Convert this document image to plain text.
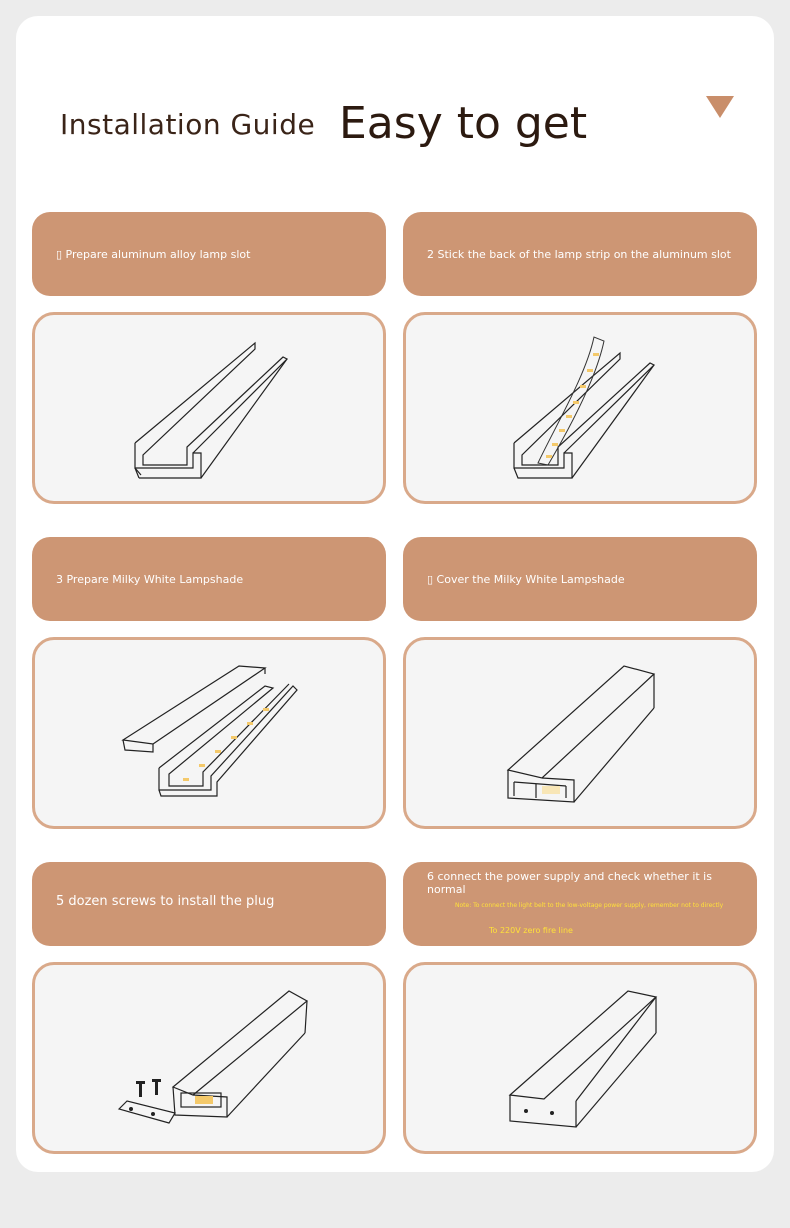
Installation Guide Easy to get
▯ Prepare aluminum alloy lamp slot	2 Stick the back of the lamp strip on the aluminum slot
3 Prepare Milky White Lampshade	▯ Cover the Milky White Lampshade
5 dozen screws to install the plug
6 connect the power supply and check whether it is normal
Note: To connect the light belt to the low-voltage power supply, remember not to directly
To 220V zero fire line
